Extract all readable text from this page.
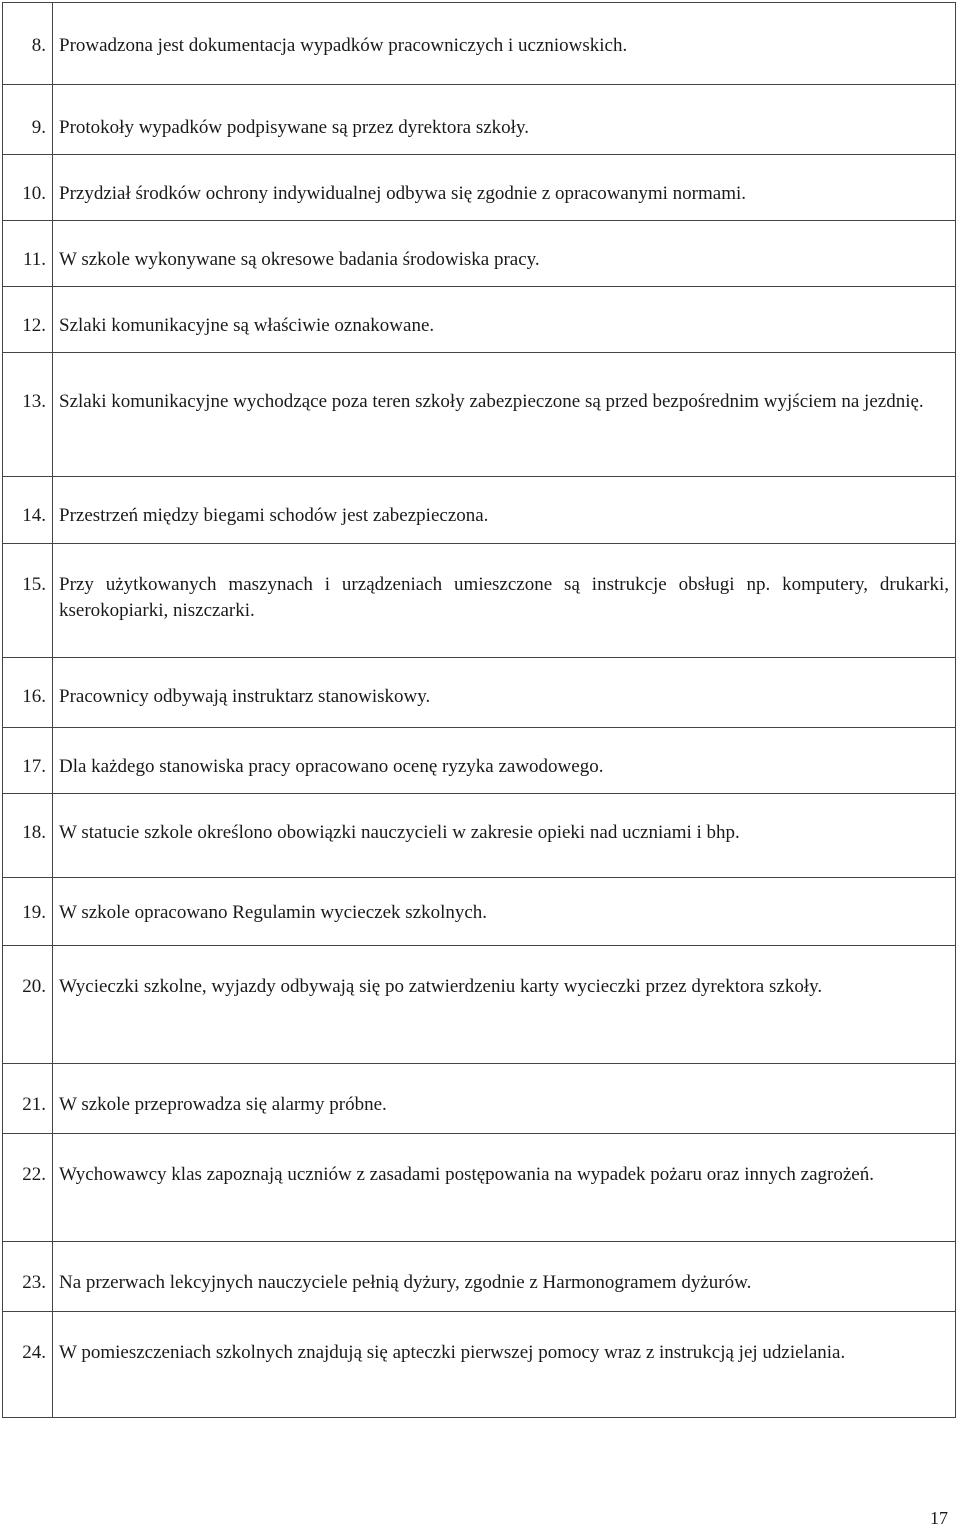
8.	Prowadzona jest dokumentacja wypadków pracowniczych i uczniowskich.

9.	Protokoły wypadków podpisywane są przez dyrektora szkoły.

10.	Przydział środków ochrony indywidualnej odbywa się zgodnie z opracowanymi normami.

11.	W szkole wykonywane są okresowe badania środowiska pracy.

12.	Szlaki komunikacyjne są właściwie oznakowane.

13.	Szlaki komunikacyjne wychodzące poza teren szkoły zabezpieczone są przed bezpośrednim wyjściem na jezdnię.

14.	Przestrzeń między biegami schodów jest zabezpieczona.

15.	Przy użytkowanych maszynach i urządzeniach umieszczone są instrukcje obsługi np. komputery, drukarki, kserokopiarki, niszczarki.

16.	Pracownicy odbywają instruktarz stanowiskowy.

17.	Dla każdego stanowiska pracy opracowano ocenę ryzyka zawodowego.

18.	W statucie szkole określono obowiązki nauczycieli w zakresie opieki nad uczniami i bhp.

19.	W szkole opracowano Regulamin wycieczek szkolnych.

20.	Wycieczki szkolne, wyjazdy odbywają się po zatwierdzeniu karty wycieczki przez dyrektora szkoły.

21.	W szkole przeprowadza się alarmy próbne.

22.	Wychowawcy klas zapoznają uczniów z zasadami postępowania na wypadek pożaru oraz innych zagrożeń.

23.	Na przerwach lekcyjnych nauczyciele pełnią dyżury, zgodnie z Harmonogramem dyżurów.

24.	W pomieszczeniach szkolnych znajdują się apteczki pierwszej pomocy wraz z instrukcją jej udzielania.
17
